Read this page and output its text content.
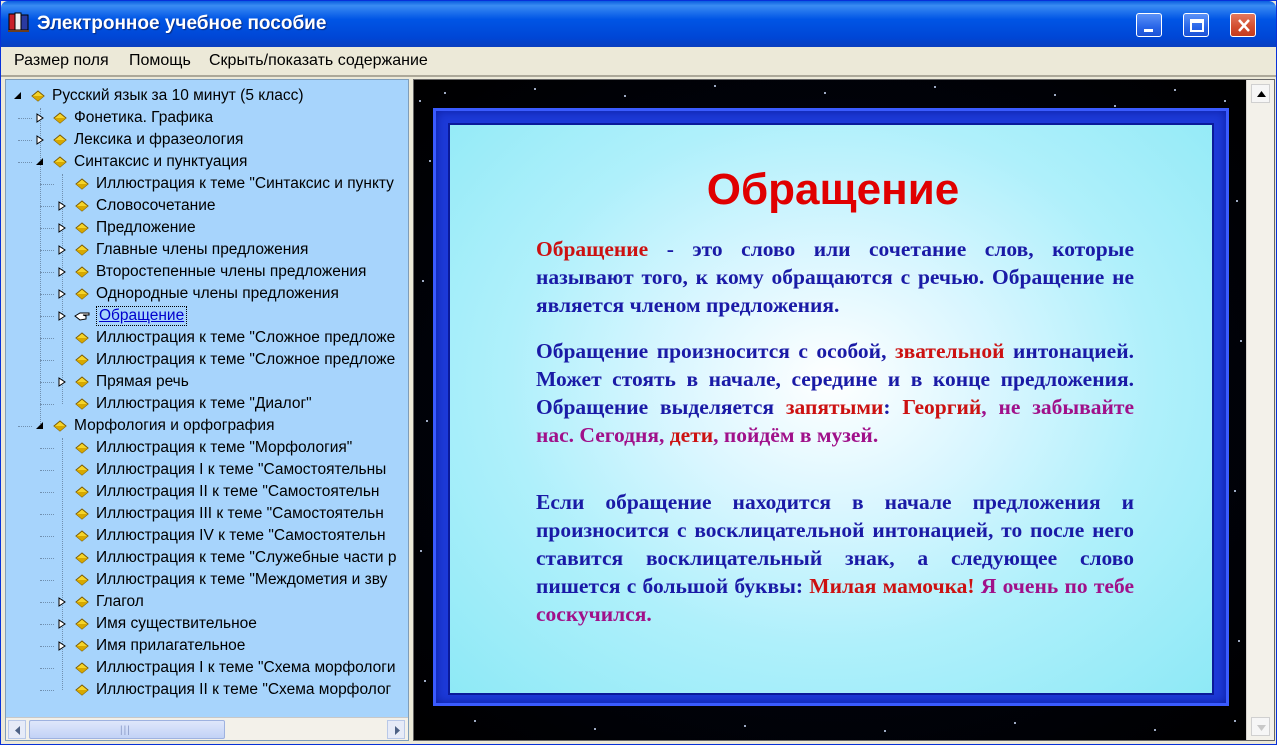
Электронное учебное пособие
Размер поля Помощь Скрыть/показать содержание
Русский язык за 10 минут (5 класс)
Фонетика. Графика
Лексика и фразеология
Синтаксис и пунктуация
Иллюстрация к теме "Синтаксис и пункту
Словосочетание
Предложение
Главные члены предложения
Второстепенные члены предложения
Однородные члены предложения
Обращение
Иллюстрация к теме "Сложное предложе
Иллюстрация к теме "Сложное предложе
Прямая речь
Иллюстрация к теме "Диалог"
Морфология и орфография
Иллюстрация к теме "Морфология"
Иллюстрация I к теме "Самостоятельны
Иллюстрация II к теме "Самостоятельн
Иллюстрация III к теме "Самостоятельн
Иллюстрация IV к теме "Самостоятельн
Иллюстрация к теме "Служебные части р
Иллюстрация к теме "Междометия и зву
Глагол
Имя существительное
Имя прилагательное
Иллюстрация I к теме "Схема морфологи
Иллюстрация II к теме "Схема морфолог
|||
Обращение
Обращение - это слово или сочетание слов, которые называют того, к кому обращаются с речью. Обращение не является членом предложения.
Обращение произносится с особой, звательной интонацией. Может стоять в начале, середине и в конце предложения. Обращение выделяется запятыми: Георгий, не забывайте нас. Сегодня, дети, пойдём в музей.
Если обращение находится в начале предложения и произносится с восклицательной интонацией, то после него ставится восклицательный знак, а следующее слово пишется с большой буквы: Милая мамочка! Я очень по тебе соскучился.
